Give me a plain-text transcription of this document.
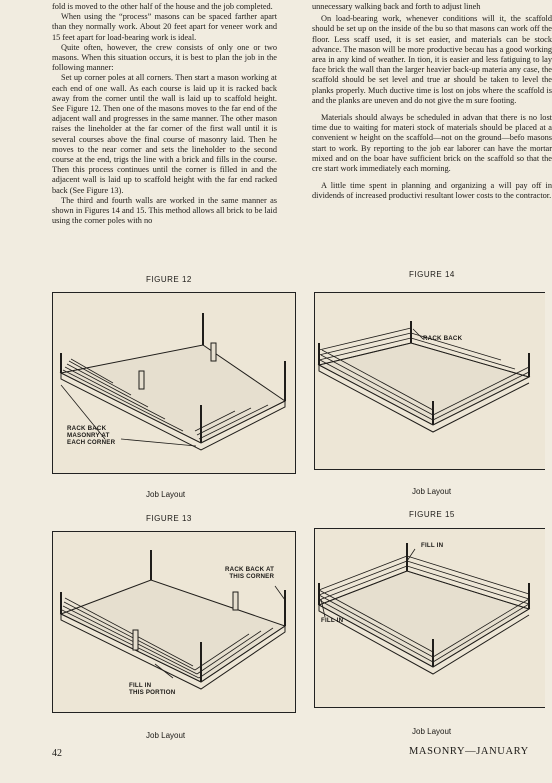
fold is moved to the other half of the house and the job completed.

When using the “process” masons can be spaced farther apart than they normally work. About 20 feet apart for veneer work and 15 feet apart for load-bearing work is ideal.

Quite often, however, the crew consists of only one or two masons. When this situation occurs, it is best to plan the job in the following manner:

Set up corner poles at all corners. Then start a mason working at each end of one wall. As each course is laid up it is racked back away from the corner until the wall is laid up to scaffold height. See Figure 12. Then one of the masons moves to the far end of the adjacent wall and progresses in the same manner. The other mason raises the lineholder at the far corner of the first wall until it is several courses above the final course of masonry laid. Then he moves to the near corner and sets the lineholder to the second course at the end, trigs the line with a brick and fills in the course. Then this process continues until the corner is filled in and the adjacent wall is laid up to scaffold height with the far end racked back (See Figure 13).

The third and fourth walls are worked in the same manner as shown in Figures 14 and 15. This method allows all brick to be laid using the corner poles with no

unnecessary walking back and forth to adjust lineh

On load-bearing work, whenever conditions will it, the scaffold should be set up on the inside of the bu so that masons can work off the floor. Less scaff used, it is set easier, and materials can be stock advance. The mason will be more productive becau has a good working area in any kind of weather. In tion, it is easier and less fatiguing to lay face brick the wall than the larger heavier back-up materia any case, the scaffold should be set level and true ar should be taken to level the planks properly. Much ductive time is lost on jobs where the scaffold is and the planks are uneven and do not give the m sure footing.

Materials should always be scheduled in advan that there is no lost time due to waiting for materi stock of materials should be placed at a convenient w height on the scaffold—not on the ground—befo masons start to work. By reporting to the job ear laborer can have the mortar mixed and on the boar have sufficient brick on the scaffold so that the cre start work immediately each morning.

A little time spent in planning and organizing a will pay off in dividends of increased productivi resultant lower costs to the contractor.

FIGURE 12
RACK BACK
MASONRY AT
EACH CORNER
Job Layout
FIGURE 13
RACK BACK AT
THIS CORNER
FILL IN
THIS PORTION
Job Layout
FIGURE 14
RACK BACK
Job Layout
FIGURE 15
FILL IN
FILL IN
Job Layout
42	MASONRY—JANUARY
